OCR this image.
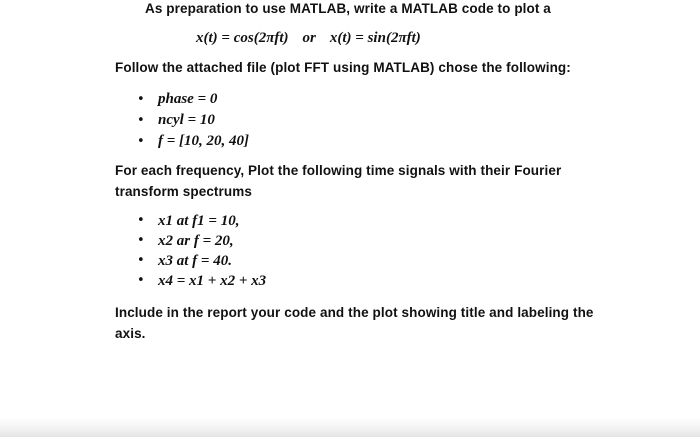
As preparation to use MATLAB, write a MATLAB code to plot a
x(t) = cos(2πft) or x(t) = sin(2πft)
Follow the attached file (plot FFT using MATLAB) chose the following:
• phase = 0
• ncyl = 10
• f = [10, 20, 40]
For each frequency, Plot the following time signals with their Fourier transform spectrums
• x1 at f1 = 10,
• x2 ar f = 20,
• x3 at f = 40.
• x4 = x1 + x2 + x3
Include in the report your code and the plot showing title and labeling the axis.
